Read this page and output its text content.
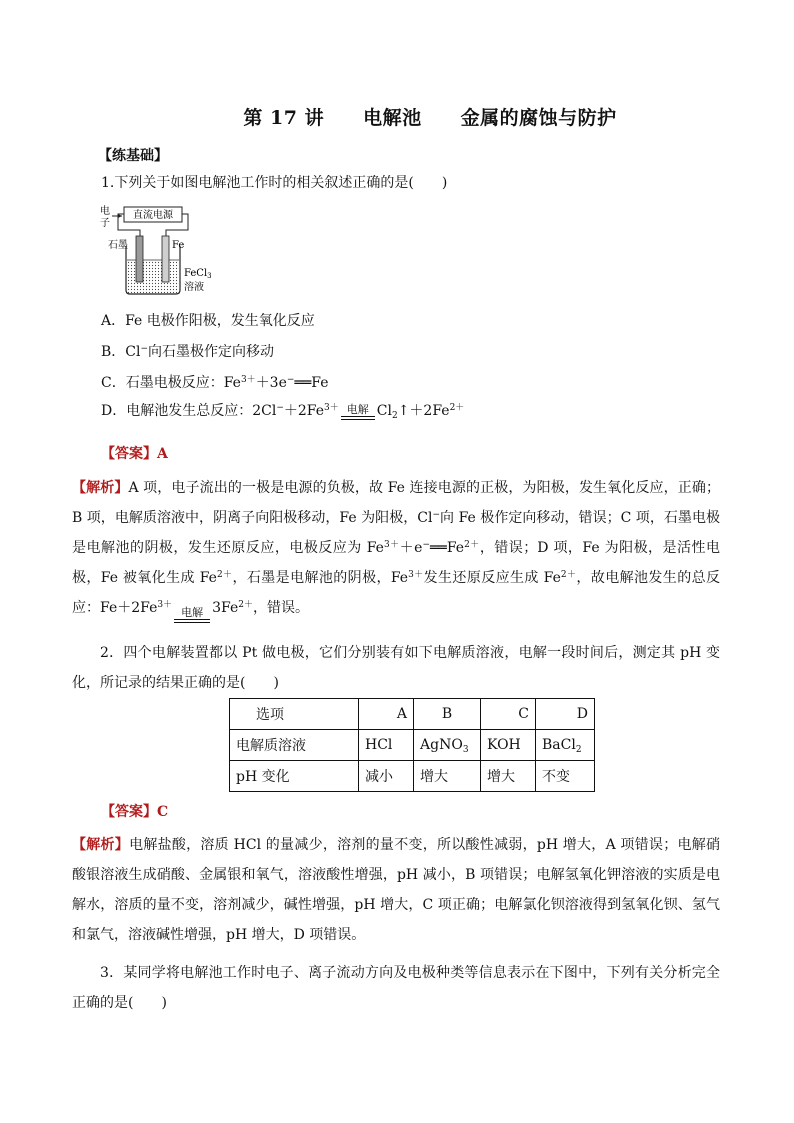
第 17 讲　　电解池　　金属的腐蚀与防护
【练基础】
1.下列关于如图电解池工作时的相关叙述正确的是(　　)
直流电源
电
子
石墨	Fe
FeCl$_3$
溶液
A．Fe 电极作阳极，发生氧化反应
B．Cl−向石墨极作定向移动
C．石墨电极反应：$Fe^{3+}+3e^-══Fe$
D．电解池发生总反应：$2Cl^-+2Fe^{3+}$ 电解 $Cl_2↑+2Fe^{2+}$
【答案】A
【解析】A 项，电子流出的一极是电源的负极，故 Fe 连接电源的正极，为阳极，发生氧化反应，正确；B 项，电解质溶液中，阴离子向阳极移动，Fe 为阳极，Cl−向 Fe 极作定向移动，错误；C 项，石墨电极是电解池的阴极，发生还原反应，电极反应为 $Fe^{3+}+e^-══Fe^{2+}$，错误；D 项，Fe 为阳极，是活性电极，Fe 被氧化生成 $Fe^{2+}$，石墨是电解池的阴极，$Fe^{3+}$发生还原反应生成 $Fe^{2+}$，故电解池发生的总反应：$Fe+2Fe^{3+}$
电解 $3Fe^{2+}$，错误。
2．四个电解装置都以 Pt 做电极，它们分别装有如下电解质溶液，电解一段时间后，测定其 pH 变化，所记录的结果正确的是(　　)
选项	A	B	C	D
电解质溶液	HCl	AgNO$_3$	KOH	BaCl$_2$
pH 变化	减小	增大	增大	不变
【答案】C
【解析】电解盐酸，溶质 HCl 的量减少，溶剂的量不变，所以酸性减弱，pH 增大，A 项错误；电解硝酸银溶液生成硝酸、金属银和氧气，溶液酸性增强，pH 减小，B 项错误；电解氢氧化钾溶液的实质是电解水，溶质的量不变，溶剂减少，碱性增强，pH 增大，C 项正确；电解氯化钡溶液得到氢氧化钡、氢气和氯气，溶液碱性增强，pH 增大，D 项错误。
3．某同学将电解池工作时电子、离子流动方向及电极种类等信息表示在下图中，下列有关分析完全正确的是(　　)
